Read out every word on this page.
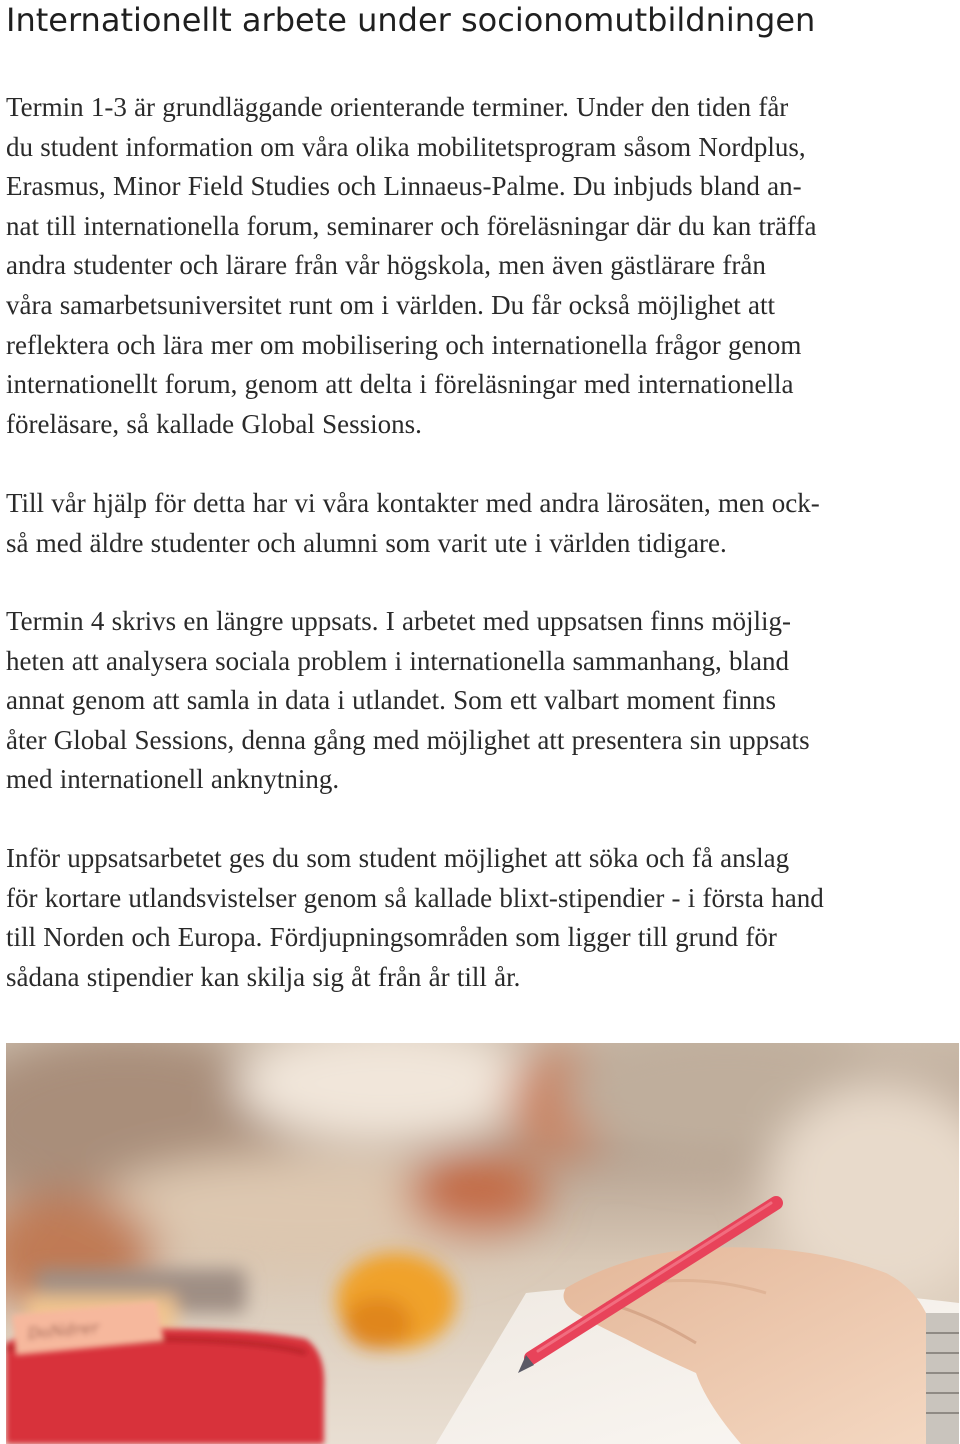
Internationellt arbete under socionomutbildningen
Termin 1-3 är grundläggande orienterande terminer. Under den tiden får
du student information om våra olika mobilitetsprogram såsom Nordplus,
Erasmus, Minor Field Studies och Linnaeus-Palme. Du inbjuds bland an-
nat till internationella forum, seminarer och föreläsningar där du kan träffa
andra studenter och lärare från vår högskola, men även gästlärare från
våra samarbetsuniversitet runt om i världen. Du får också möjlighet att
reflektera och lära mer om mobilisering och internationella frågor genom
internationellt forum, genom att delta i föreläsningar med internationella
föreläsare, så kallade Global Sessions.
Till vår hjälp för detta har vi våra kontakter med andra lärosäten, men ock-
så med äldre studenter och alumni som varit ute i världen tidigare.
Termin 4 skrivs en längre uppsats. I arbetet med uppsatsen finns möjlig-
heten att analysera sociala problem i internationella sammanhang, bland
annat genom att samla in data i utlandet. Som ett valbart moment finns
åter Global Sessions, denna gång med möjlighet att presentera sin uppsats
med internationell anknytning.
Inför uppsatsarbetet ges du som student möjlighet att söka och få anslag
för kortare utlandsvistelser genom så kallade blixt-stipendier - i första hand
till Norden och Europa. Fördjupningsområden som ligger till grund för
sådana stipendier kan skilja sig åt från år till år.
DoNdrer
